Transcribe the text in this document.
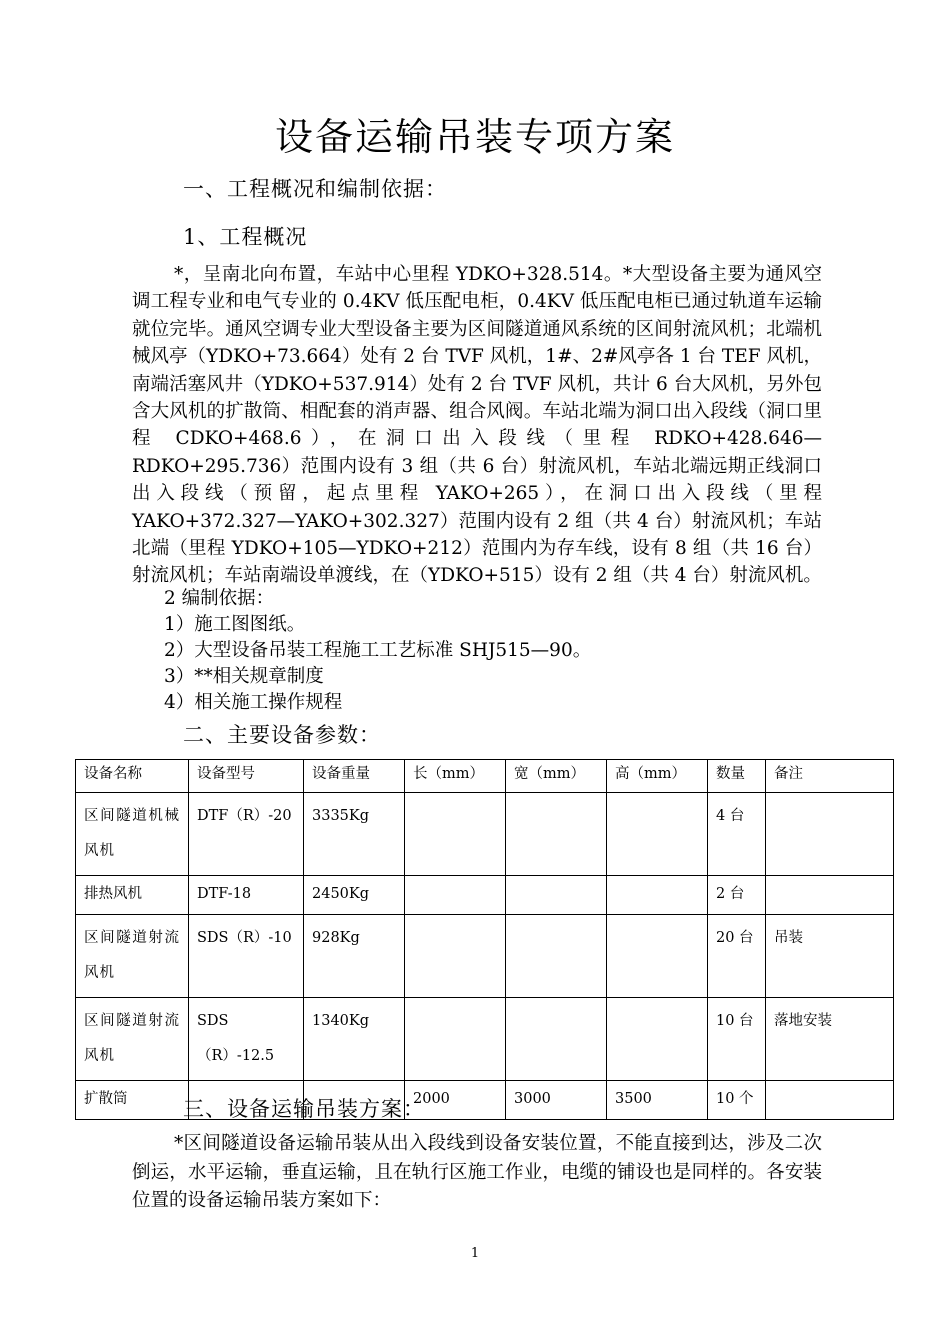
设备运输吊装专项方案
一、工程概况和编制依据：
1、工程概况
*，呈南北向布置，车站中心里程 YDKO+328.514。*大型设备主要为通风空调工程专业和电气专业的 0.4KV 低压配电柜，0.4KV 低压配电柜已通过轨道车运输就位完毕。通风空调专业大型设备主要为区间隧道通风系统的区间射流风机；北端机械风亭（YDKO+73.664）处有 2 台 TVF 风机，1#、2#风亭各 1 台 TEF 风机，南端活塞风井（YDKO+537.914）处有 2 台 TVF 风机，共计 6 台大风机，另外包含大风机的扩散筒、相配套的消声器、组合风阀。车站北端为洞口出入段线（洞口里程 CDKO+468.6），在洞口出入段线（里程 RDKO+428.646—RDKO+295.736）范围内设有 3 组（共 6 台）射流风机，车站北端远期正线洞口出入段线（预留，起点里程 YAKO+265），在洞口出入段线（里程 YAKO+372.327—YAKO+302.327）范围内设有 2 组（共 4 台）射流风机；车站北端（里程 YDKO+105—YDKO+212）范围内为存车线，设有 8 组（共 16 台）射流风机；车站南端设单渡线，在（YDKO+515）设有 2 组（共 4 台）射流风机。
2 编制依据：
1）施工图图纸。
2）大型设备吊装工程施工工艺标准 SHJ515—90。
3）**相关规章制度
4）相关施工操作规程
二、主要设备参数：
设备名称	设备型号	设备重量	长（mm）	宽（mm）	高（mm）	数量	备注
区间隧道机械风机	DTF（R）-20	3335Kg				4 台	
排热风机	DTF-18	2450Kg				2 台	
区间隧道射流风机	SDS（R）-10	928Kg				20 台	吊装
区间隧道射流风机	SDS（R）-12.5	1340Kg				10 台	落地安装
扩散筒			2000	3000	3500	10 个	
三、设备运输吊装方案：
*区间隧道设备运输吊装从出入段线到设备安装位置，不能直接到达，涉及二次倒运，水平运输，垂直运输，且在轨行区施工作业，电缆的铺设也是同样的。各安装位置的设备运输吊装方案如下：
1
